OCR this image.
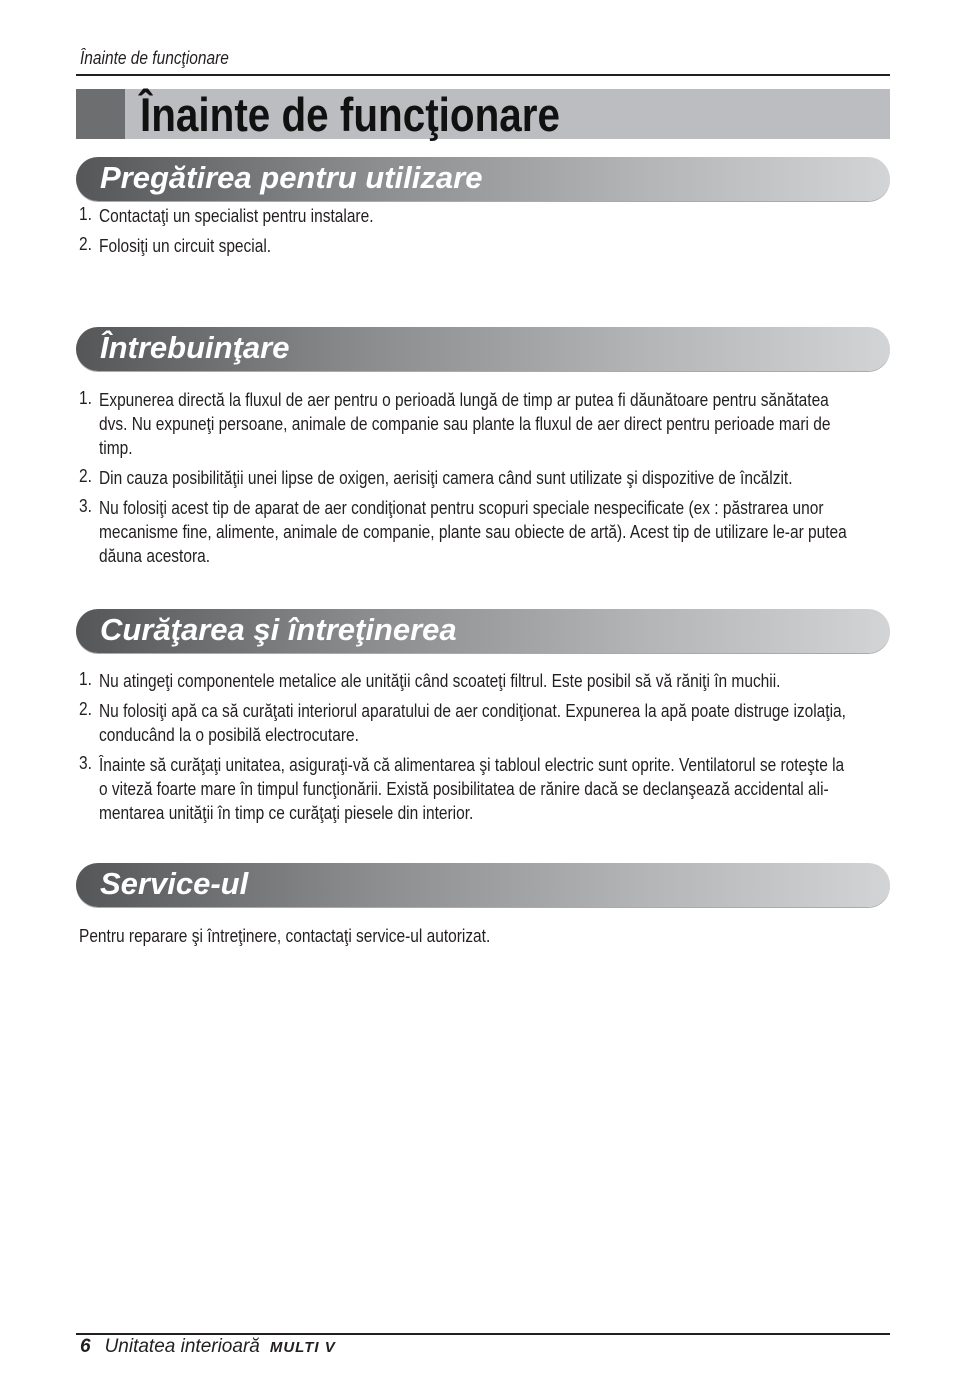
Înainte de funcţionare
Înainte de funcţionare
Pregătirea pentru utilizare
1. Contactaţi un specialist pentru instalare.
2. Folosiţi un circuit special.
Întrebuinţare
1. Expunerea directă la fluxul de aer pentru o perioadă lungă de timp ar putea fi dăunătoare pentru sănătatea
dvs. Nu expuneţi persoane, animale de companie sau plante la fluxul de aer direct pentru perioade mari de
timp.
2. Din cauza posibilităţii unei lipse de oxigen, aerisiţi camera când sunt utilizate şi dispozitive de încălzit.
3. Nu folosiţi acest tip de aparat de aer condiţionat pentru scopuri speciale nespecificate (ex : păstrarea unor
mecanisme fine, alimente, animale de companie, plante sau obiecte de artă). Acest tip de utilizare le-ar putea
dăuna acestora.
Curăţarea şi întreţinerea
1. Nu atingeţi componentele metalice ale unităţii când scoateţi filtrul. Este posibil să vă răniţi în muchii.
2. Nu folosiţi apă ca să curăţati interiorul aparatului de aer condiţionat. Expunerea la apă poate distruge izolaţia,
conducând la o posibilă electrocutare.
3. Înainte să curăţaţi unitatea, asiguraţi-vă că alimentarea şi tabloul electric sunt oprite. Ventilatorul se roteşte la
o viteză foarte mare în timpul funcţionării. Există posibilitatea de rănire dacă se declanşează accidental ali-
mentarea unităţii în timp ce curăţaţi piesele din interior.
Service-ul
Pentru reparare şi întreţinere, contactaţi service-ul autorizat.
6 Unitatea interioară MULTI V
